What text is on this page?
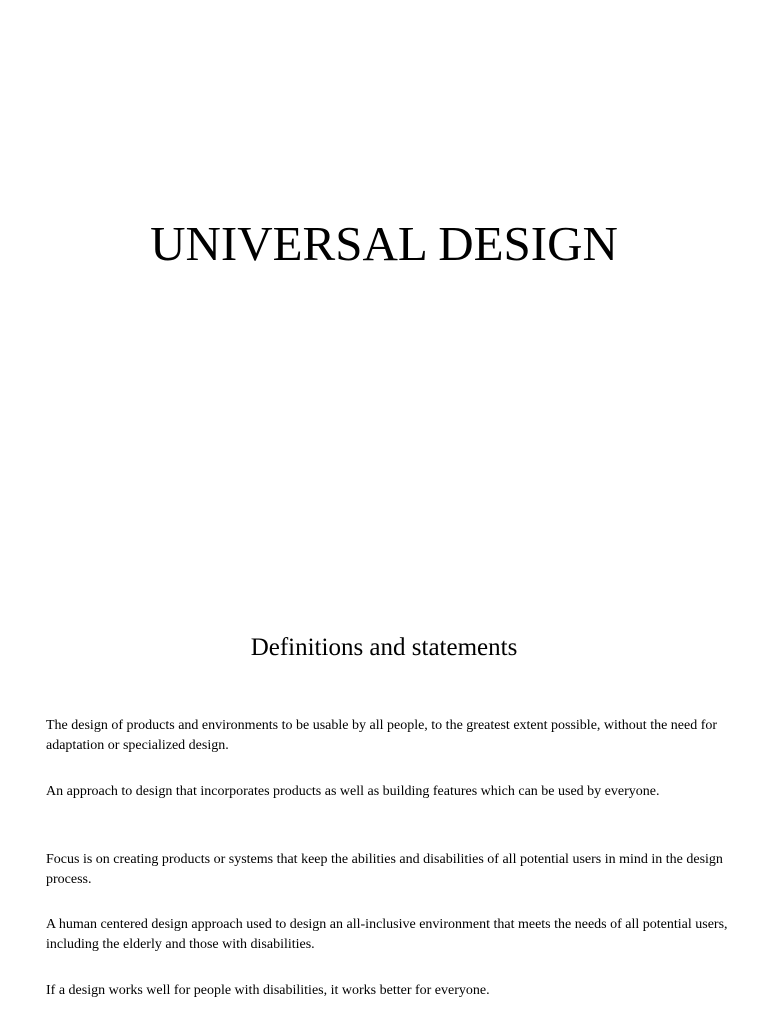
UNIVERSAL DESIGN
Definitions and statements

The design of products and environments to be usable by all people, to the greatest extent possible, without the need for adaptation or specialized design.

An approach to design that incorporates products as well as building features which can be used by everyone.

Focus is on creating products or systems that keep the abilities and disabilities of all potential users in mind in the design process.

A human centered design approach used to design an all-inclusive environment that meets the needs of all potential users, including the elderly and those with disabilities.

If a design works well for people with disabilities, it works better for everyone.
